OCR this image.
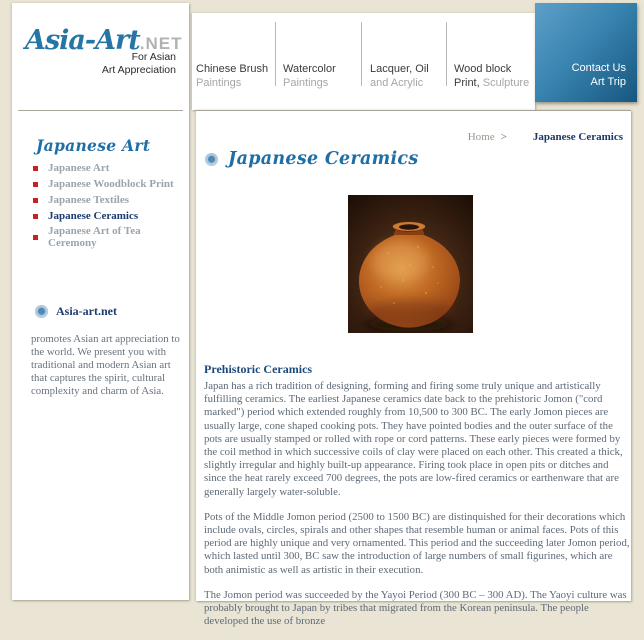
Asia-Art.NET
For Asian
Art Appreciation
Japanese Art
Japanese Art
Japanese Woodblock Print
Japanese Textiles
Japanese Ceramics
Japanese Art of Tea Ceremony
Asia-art.net
promotes Asian art appreciation to the world. We present you with traditional and modern Asian art that captures the spirit, cultural complexity and charm of Asia.
Chinese Brush
Paintings
Watercolor
Paintings
Lacquer, Oil
and Acrylic
Wood block
Print, Sculpture
Contact Us
Art Trip
Home > Japanese Ceramics
Japanese Ceramics
Prehistoric Ceramics

Japan has a rich tradition of designing, forming and firing some truly unique and artistically fulfilling ceramics. The earliest Japanese ceramics date back to the prehistoric Jomon ("cord marked") period which extended roughly from 10,500 to 300 BC. The early Jomon pieces are usually large, cone shaped cooking pots. They have pointed bodies and the outer surface of the pots are usually stamped or rolled with rope or cord patterns. These early pieces were formed by the coil method in which successive coils of clay were placed on each other. This created a thick, slightly irregular and highly built-up appearance. Firing took place in open pits or ditches and since the heat rarely exceed 700 degrees, the pots are low-fired ceramics or earthenware that are generally largely water-soluble.

Pots of the Middle Jomon period (2500 to 1500 BC) are distinquished for their decorations which include ovals, circles, spirals and other shapes that resemble human or animal faces. Pots of this period are highly unique and very ornamented. This period and the succeeding later Jomon period, which lasted until 300, BC saw the introduction of large numbers of small figurines, which are both animistic as well as artistic in their execution.

The Jomon period was succeeded by the Yayoi Period (300 BC – 300 AD). The Yaoyi culture was probably brought to Japan by tribes that migrated from the Korean peninsula. The people developed the use of bronze
